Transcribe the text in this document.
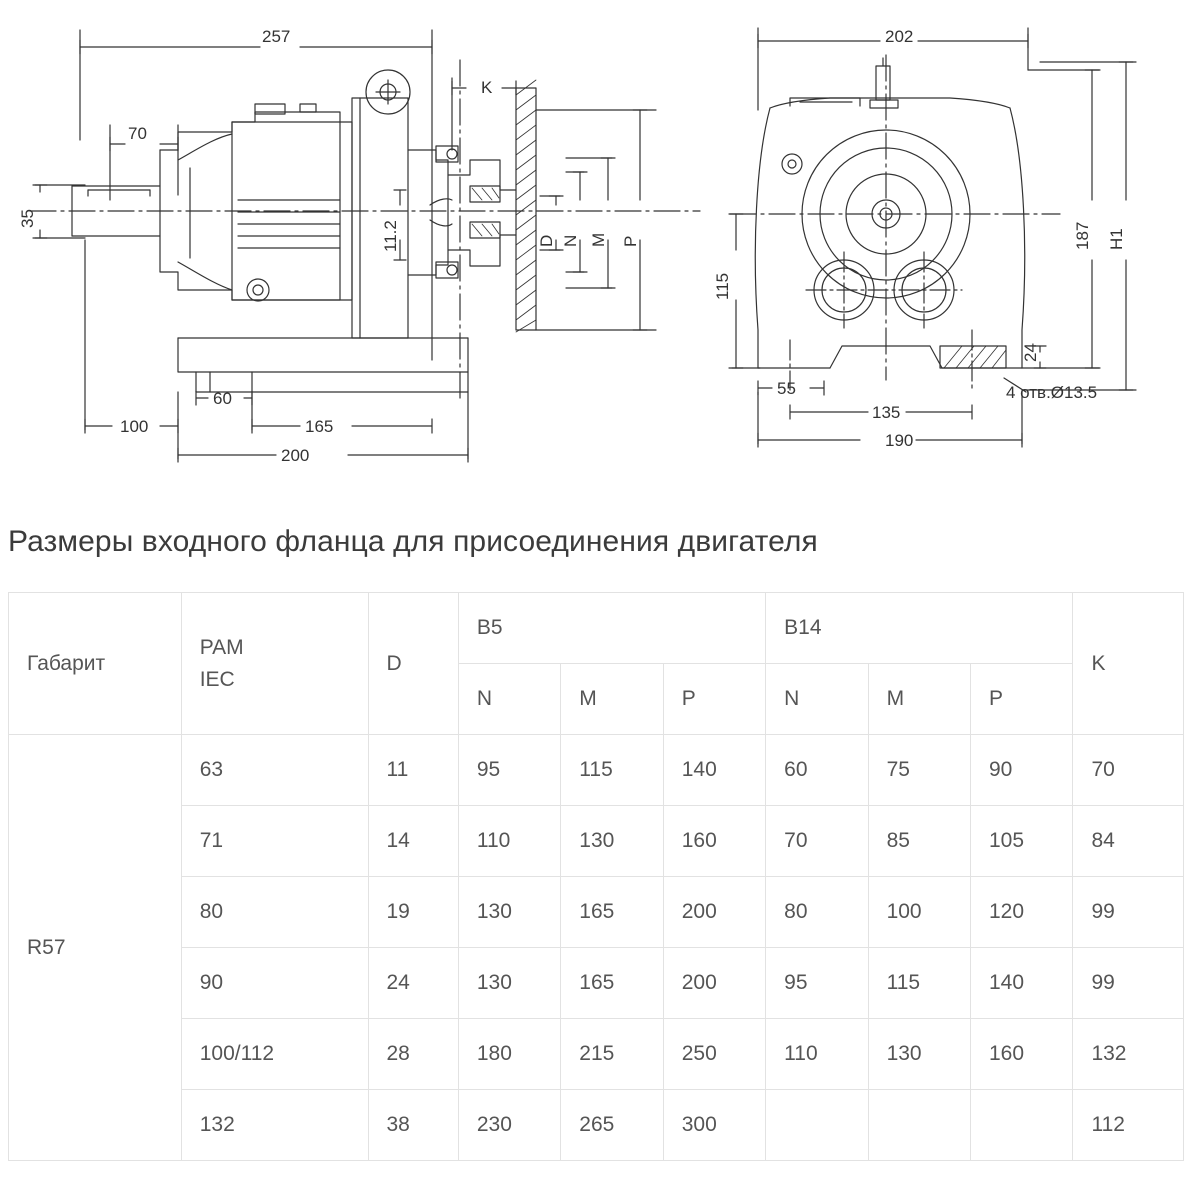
257
70
35
11.2
K
D N M P
60
100	165
200
202
115
187 H1
24
55
135
190
4 отв.Ø13.5
Размеры входного фланца для присоединения двигателя
Габарит	PAM
IEC	D	B5			B14			K
			N	M	P	N	M	P	
R57	63	11	95	115	140	60	75	90	70
	71	14	110	130	160	70	85	105	84
	80	19	130	165	200	80	100	120	99
	90	24	130	165	200	95	115	140	99
	100/112	28	180	215	250	110	130	160	132
	132	38	230	265	300				112
